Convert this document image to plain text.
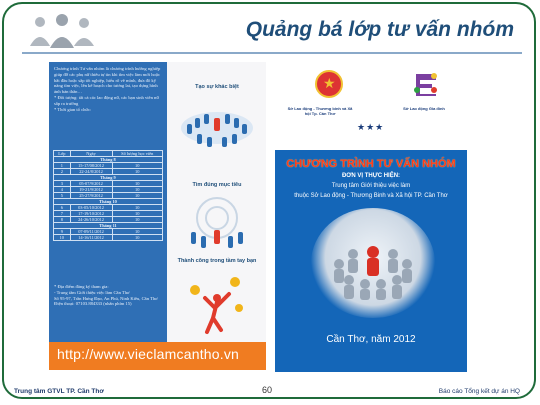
Quảng bá lớp tư vấn nhóm
Chương trình Tư vấn nhóm là chương trình hướng nghiệp giúp đỡ các phụ nữ thiếu tự tin khi tìm việc làm mới hoặc bắt đầu hoặc sắp tốt nghiệp, hiểu rõ về mình, đưa đồ kỹ năng tìm việc, lên kế hoạch cho tương lai, tạo dựng hình ảnh bản thân…
* Đối tượng: tất cả các lao động nữ, các bạn sinh viên nữ sắp ra trường
* Thời gian tổ chức:
Lớp	Ngày	Số lượng học viên
Tháng 8		
1	15-17/08/2012	10
2	22-24/8/2012	10
Tháng 9		
3	05-07/9/2012	10
4	19-21/9/2012	10
5	25-27/9/2012	10
Tháng 10		
6	03-05/10/2012	10
7	17-19/10/2012	10
8	24-26/10/2012	10
Tháng 11		
9	07-09/11/2012	10
10	14-16/11/2012	10
* Địa điểm đăng ký tham gia:
- Trung tâm Giới thiệu việc làm Cần Thơ
Số 95-97, Trần Hưng Đạo, An Phú, Ninh Kiều, Cần Thơ
Điện thoại: 07103.884333 (nhấn phím 15)
Tạo sự khác biệt
Tìm đúng mục tiêu
Thành công trong tầm tay bạn
http://www.vieclamcantho.vn
★
Sở Lao động - Thương binh và Xã hội Tp. Cần Thơ
Sở Lao động Gia đình
★★★
CHƯƠNG TRÌNH TƯ VẤN NHÓM
ĐƠN VỊ THỰC HIỆN:
Trung tâm Giới thiệu việc làm
thuộc Sở Lao động - Thương Binh và Xã hội TP. Cần Thơ
Cần Thơ, năm 2012
Trung tâm GTVL TP. Cần Thơ	60	Báo cáo Tổng kết dự án HQ
